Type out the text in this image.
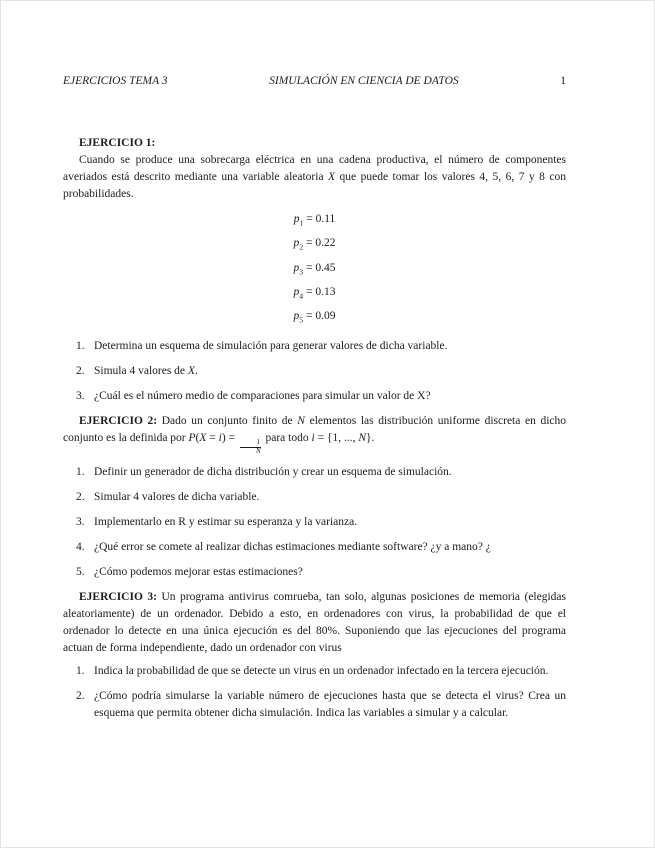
EJERCICIOS TEMA 3	SIMULACIÓN EN CIENCIA DE DATOS	1

EJERCICIO 1:

Cuando se produce una sobrecarga eléctrica en una cadena productiva, el número de componentes averiados está descrito mediante una variable aleatoria X que puede tomar los valores 4, 5, 6, 7 y 8 con probabilidades.

$p_1 = 0.11$
$p_2 = 0.22$
$p_3 = 0.45$
$p_4 = 0.13$
$p_5 = 0.09$
1. Determina un esquema de simulación para generar valores de dicha variable.
2. Simula 4 valores de X.
3. ¿Cuál es el número medio de comparaciones para simular un valor de X?

EJERCICIO 2: Dado un conjunto finito de N elementos las distribución uniforme discreta en dicho conjunto es la definida por P(X = i) =
$\frac{1}{N}$
para todo i = {1, ..., N}.

1. Definir un generador de dicha distribución y crear un esquema de simulación.
2. Simular 4 valores de dicha variable.
3. Implementarlo en R y estimar su esperanza y la varianza.
4. ¿Qué error se comete al realizar dichas estimaciones mediante software? ¿y a mano? ¿
5. ¿Cómo podemos mejorar estas estimaciones?

EJERCICIO 3: Un programa antivirus comrueba, tan solo, algunas posiciones de memoria (elegidas aleatoriamente) de un ordenador. Debido a esto, en ordenadores con virus, la probabilidad de que el ordenador lo detecte en una única ejecución es del 80%. Suponiendo que las ejecuciones del programa actuan de forma independiente, dado un ordenador con virus

1. Indica la probabilidad de que se detecte un virus en un ordenador infectado en la tercera ejecución.
2. ¿Cómo podría simularse la variable número de ejecuciones hasta que se detecta el virus? Crea un esquema que permita obtener dicha simulación. Indica las variables a simular y a calcular.
